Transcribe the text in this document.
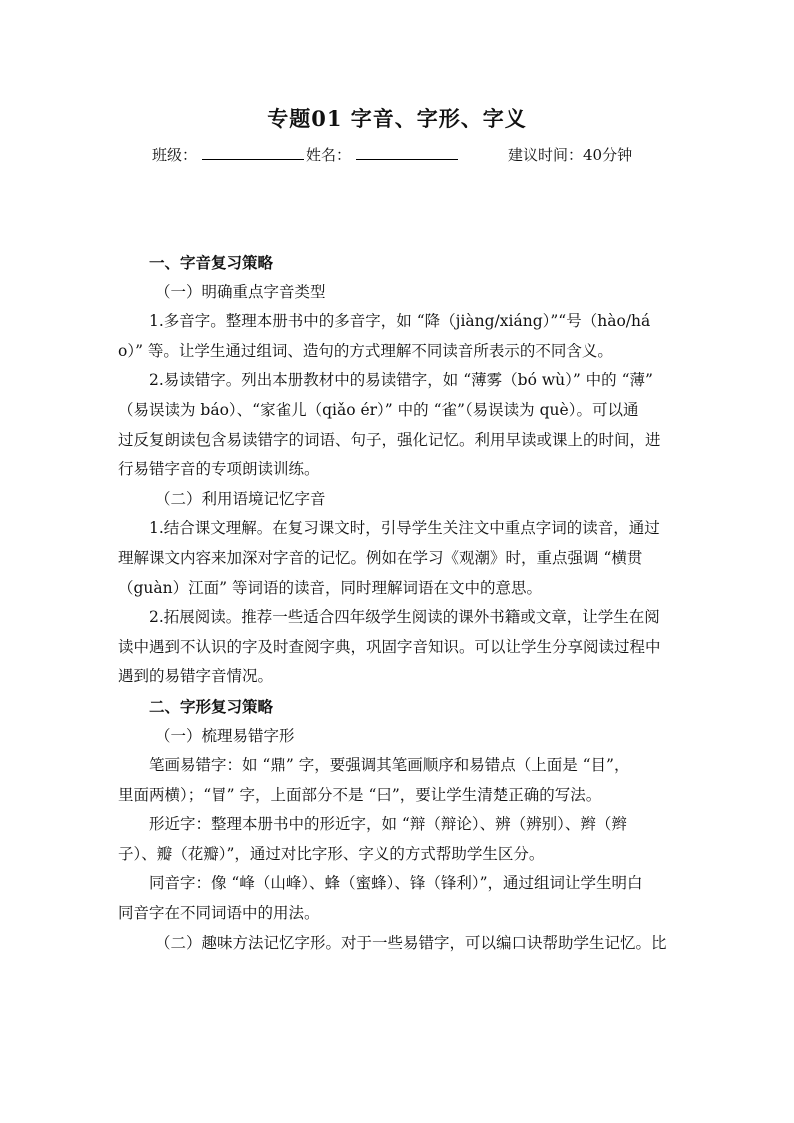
专题01 字音、字形、字义
班级：	姓名：	建议时间：40分钟
一、字音复习策略
（一）明确重点字音类型
1.多音字。整理本册书中的多音字，如 “降（jiàng/xiáng）”“号（hào/há
o）” 等。让学生通过组词、造句的方式理解不同读音所表示的不同含义。
2.易读错字。列出本册教材中的易读错字，如 “薄雾（bó wù）” 中的 “薄”
（易误读为 báo）、“家雀儿（qiǎo ér）” 中的 “雀”（易误读为 què）。可以通
过反复朗读包含易读错字的词语、句子，强化记忆。利用早读或课上的时间，进
行易错字音的专项朗读训练。
（二）利用语境记忆字音
1.结合课文理解。在复习课文时，引导学生关注文中重点字词的读音，通过
理解课文内容来加深对字音的记忆。例如在学习《观潮》时，重点强调 “横贯
（guàn）江面” 等词语的读音，同时理解词语在文中的意思。
2.拓展阅读。推荐一些适合四年级学生阅读的课外书籍或文章，让学生在阅
读中遇到不认识的字及时查阅字典，巩固字音知识。可以让学生分享阅读过程中
遇到的易错字音情况。
二、字形复习策略
（一）梳理易错字形
笔画易错字：如 “鼎” 字，要强调其笔画顺序和易错点（上面是 “目”，
里面两横）；“冒” 字，上面部分不是 “曰”，要让学生清楚正确的写法。
形近字：整理本册书中的形近字，如 “辩（辩论）、辨（辨别）、辫（辫
子）、瓣（花瓣）”，通过对比字形、字义的方式帮助学生区分。
同音字：像 “峰（山峰）、蜂（蜜蜂）、锋（锋利）”，通过组词让学生明白
同音字在不同词语中的用法。
（二）趣味方法记忆字形。对于一些易错字，可以编口诀帮助学生记忆。比
